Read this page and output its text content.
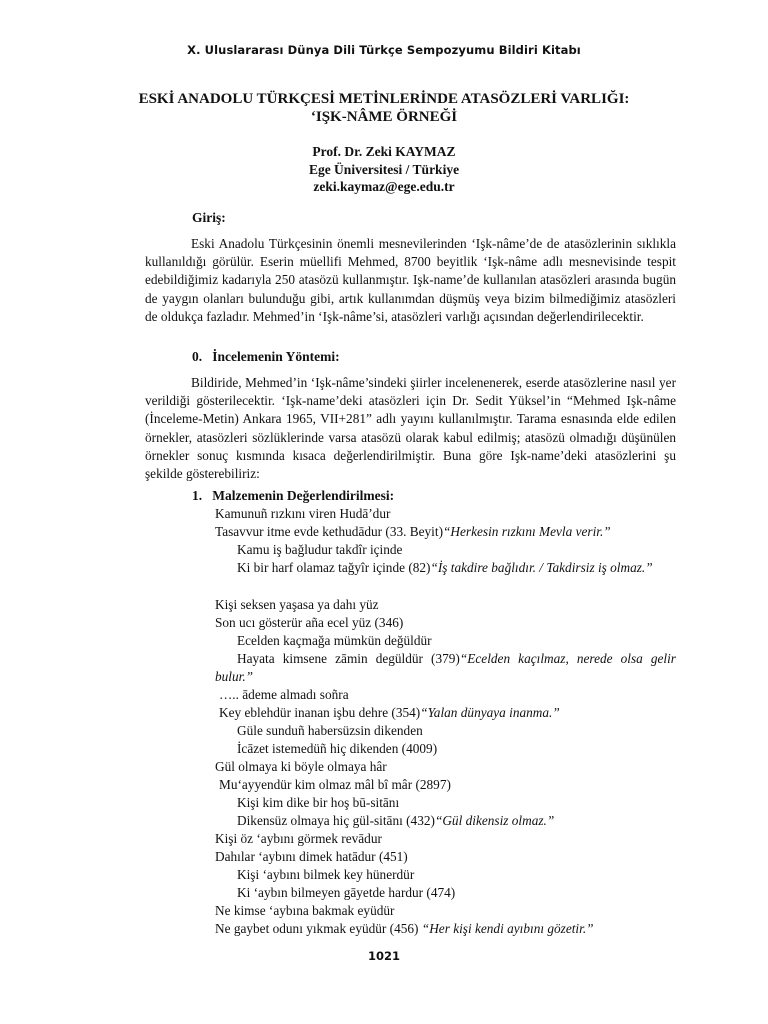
X. Uluslararası Dünya Dili Türkçe Sempozyumu Bildiri Kitabı
ESKİ ANADOLU TÜRKÇESİ METİNLERİNDE ATASÖZLERİ VARLIĞI:
‘IŞK-NÂME ÖRNEĞİ
Prof. Dr. Zeki KAYMAZ
Ege Üniversitesi / Türkiye
zeki.kaymaz@ege.edu.tr
Giriş:
Eski Anadolu Türkçesinin önemli mesnevilerinden ‘Işk-nâme’de de atasözlerinin sıklıkla kullanıldığı görülür. Eserin müellifi Mehmed, 8700 beyitlik ‘Işk-nâme adlı mesnevisinde tespit edebildiğimiz kadarıyla 250 atasözü kullanmıştır. Işk-name’de kullanılan atasözleri arasında bugün de yaygın olanları bulunduğu gibi, artık kullanımdan düşmüş veya bizim bilmediğimiz atasözleri de oldukça fazladır. Mehmed’in ‘Işk-nâme’si, atasözleri varlığı açısından değerlendirilecektir.
0. İncelemenin Yöntemi:
Bildiride, Mehmed’in ‘Işk-nâme’sindeki şiirler incelenenerek, eserde atasözlerine nasıl yer verildiği gösterilecektir. ‘Işk-name’deki atasözleri için Dr. Sedit Yüksel’in “Mehmed Işk-nâme (İnceleme-Metin) Ankara 1965, VII+281” adlı yayını kullanılmıştır. Tarama esnasında elde edilen örnekler, atasözleri sözlüklerinde varsa atasözü olarak kabul edilmiş; atasözü olmadığı düşünülen örnekler sonuç kısmında kısaca değerlendirilmiştir. Buna göre Işk-name’deki atasözlerini şu şekilde gösterebiliriz:
1. Malzemenin Değerlendirilmesi:
Kamunuñ rızkını viren Hudā’dur
Tasavvur itme evde kethudādur (33. Beyit)“Herkesin rızkını Mevla verir.”
Kamu iş bağludur takdîr içinde
Ki bir harf olamaz tağyîr içinde (82)“İş takdire bağlıdır. / Takdirsiz iş olmaz.”
Kişi seksen yaşasa ya dahı yüz
Son ucı gösterür aña ecel yüz (346)
Ecelden kaçmağa mümkün değüldür
Hayata kimsene zāmin degüldür (379)“Ecelden kaçılmaz, nerede olsa gelir bulur.”
….. ādeme almadı soñra
Key eblehdür inanan işbu dehre (354)“Yalan dünyaya inanma.”
Güle sunduñ habersüzsin dikenden
İcāzet istemedüñ hiç dikenden (4009)
Gül olmaya ki böyle olmaya hâr
Mu‘ayyendür kim olmaz mâl bî mâr (2897)
Kişi kim dike bir hoş bū-sitānı
Dikensüz olmaya hiç gül-sitānı (432)“Gül dikensiz olmaz.”
Kişi öz ‘aybını görmek revādur
Dahılar ‘aybını dimek hatādur (451)
Kişi ‘aybını bilmek key hünerdür
Ki ‘aybın bilmeyen gāyetde hardur (474)
Ne kimse ‘aybına bakmak eyüdür
Ne gaybet odunı yıkmak eyüdür (456) “Her kişi kendi ayıbını gözetir.”
1021
